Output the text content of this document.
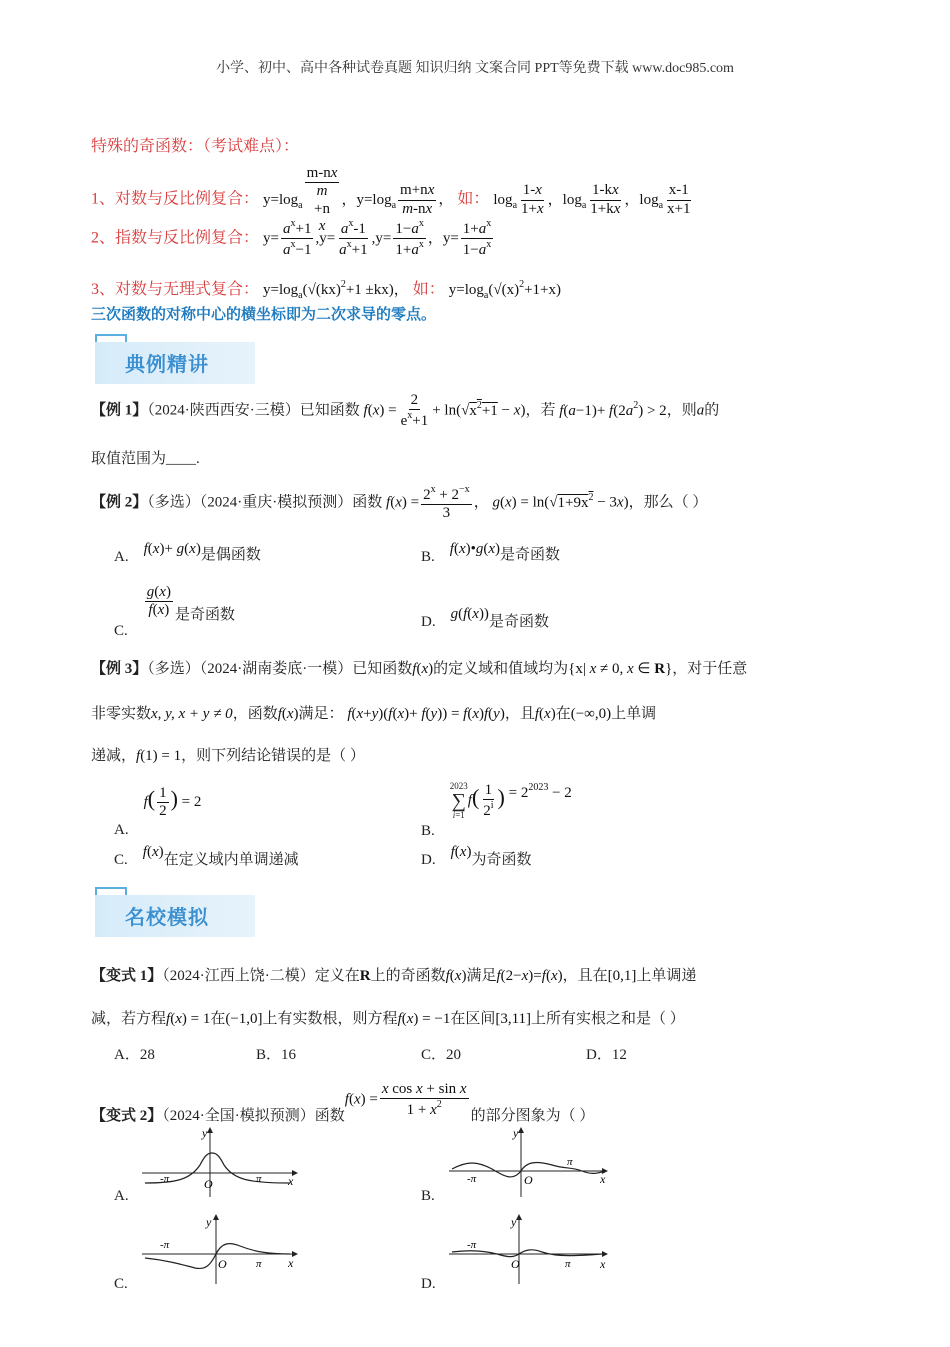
小学、初中、高中各种试卷真题 知识归纳 文案合同 PPT等免费下载 www.doc985.com
特殊的奇函数：（考试难点）：
1、对数与反比例复合： $y=\log_a$
m-nx
m
+n
x
，$y=\log_a \frac{m+nx}{m-nx}$ ， 如： $\log_a \frac{1-x}{1+x}$ ，$\log_a \frac{1-kx}{1+kx}$ ，$\log_a \frac{x-1}{x+1}$
2、指数与反比例复合： $y= \frac{a^x+1}{a^x-1} ,y= \frac{a^x-1}{a^x+1} ,y= \frac{1-a^x}{1+a^x}$ ，$y= \frac{1+a^x}{1-a^x}$
3、对数与无理式复合： $y=\log_a(√(kx)^2+1 \pm kx)$， 如： $y=\log_a(√(x)^2+1+x)$
三次函数的对称中心的横坐标即为二次求导的零点。
典例精讲
【例 1】（2024·陕西西安·三模）已知函数 $f(x) = \frac{2}{e^x+1} + \ln(√x^2+1 - x)$，若 $f(a-1)+ f(2a^2) > 2$，则a的
取值范围为____.
【例 2】（多选）（2024·重庆·模拟预测）函数 $f(x) = \frac{2^x + 2^{-x}}{3}$ ， $g(x) = \ln(√1+9x^2 - 3x)$，那么（ ）
A. f(x)+ g(x)是偶函数	B. f(x)•g(x)是奇函数
C.
$\frac{g(x)}{f(x)}$ 是奇函数	D. g(f(x))是奇函数
【例 3】（多选）（2024·湖南娄底·一模）已知函数f(x)的定义域和值域均为{x| x ≠ 0, x ∈ R}，对于任意
非零实数x, y, x + y ≠ 0，函数f(x)满足： f(x+y)(f(x)+ f(y)) = f(x)f(y)，且f(x)在(−∞,0)上单调
递减，f(1) = 1，则下列结论错误的是（ ）
A.    $f( \frac{1}{2}$ ) = 2
B.
2023
∑
i=1
$f( \frac{1}{2^i}$ ) = $2^{2023} - 2$
C. f(x)在定义域内单调递减	D. f(x)为奇函数
名校模拟
【变式 1】（2024·江西上饶·二模）定义在R上的奇函数f(x)满足f(2−x)=f(x)，且在[0,1]上单调递
减，若方程f(x) = 1在(−1,0]上有实数根，则方程f(x) = −1在区间[3,11]上所有实根之和是（ ）
A．28	B．16	C．20	D．12
【变式 2】（2024·全国·模拟预测）函数$f(x) = \frac{\text{x cos x + sin x}}{1 + x^2}$ 的部分图象为（ ）
A.	B.
C.	D.
-π	π
O	x
y
-π
π
O	x
y
-π
π
O	x
y
-π
π
O	x
y
